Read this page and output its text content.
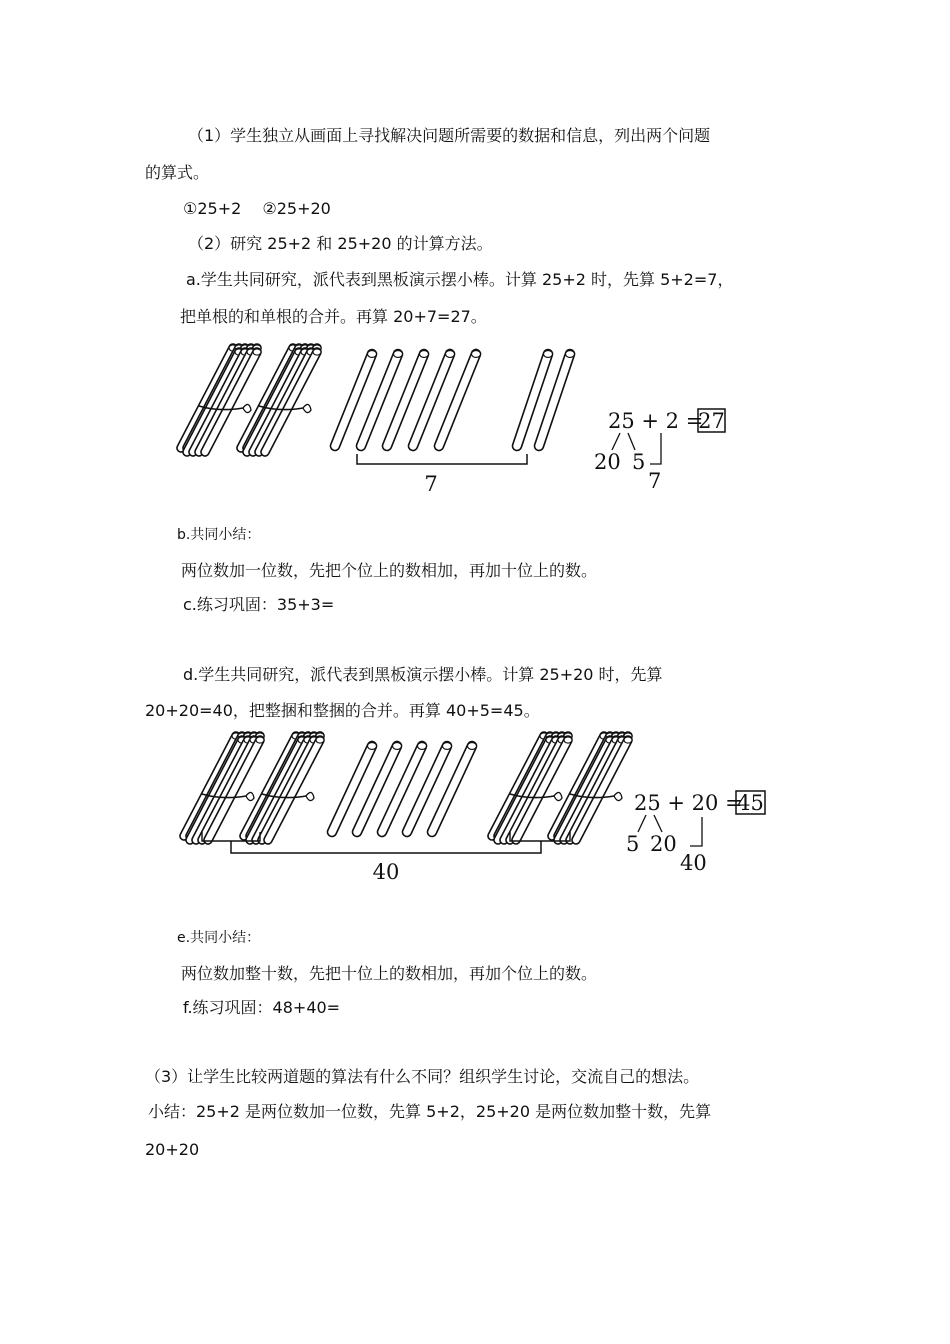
（1）学生独立从画面上寻找解决问题所需要的数据和信息，列出两个问题
的算式。
①25+2　 ②25+20
（2）研究 25+2 和 25+20 的计算方法。
a.学生共同研究，派代表到黑板演示摆小棒。计算 25+2 时，先算 5+2=7，
把单根的和单根的合并。再算 20+7=27。
7
25 + 2 =
27
20 5
7
b.共同小结：
两位数加一位数，先把个位上的数相加，再加十位上的数。
c.练习巩固：35+3=
d.学生共同研究，派代表到黑板演示摆小棒。计算 25+20 时，先算
20+20=40，把整捆和整捆的合并。再算 40+5=45。
40
25 + 20 =
45
5 20
40
e.共同小结：
两位数加整十数，先把十位上的数相加，再加个位上的数。
f.练习巩固：48+40=
（3）让学生比较两道题的算法有什么不同？组织学生讨论，交流自己的想法。
小结：25+2 是两位数加一位数，先算 5+2，25+20 是两位数加整十数，先算
20+20
